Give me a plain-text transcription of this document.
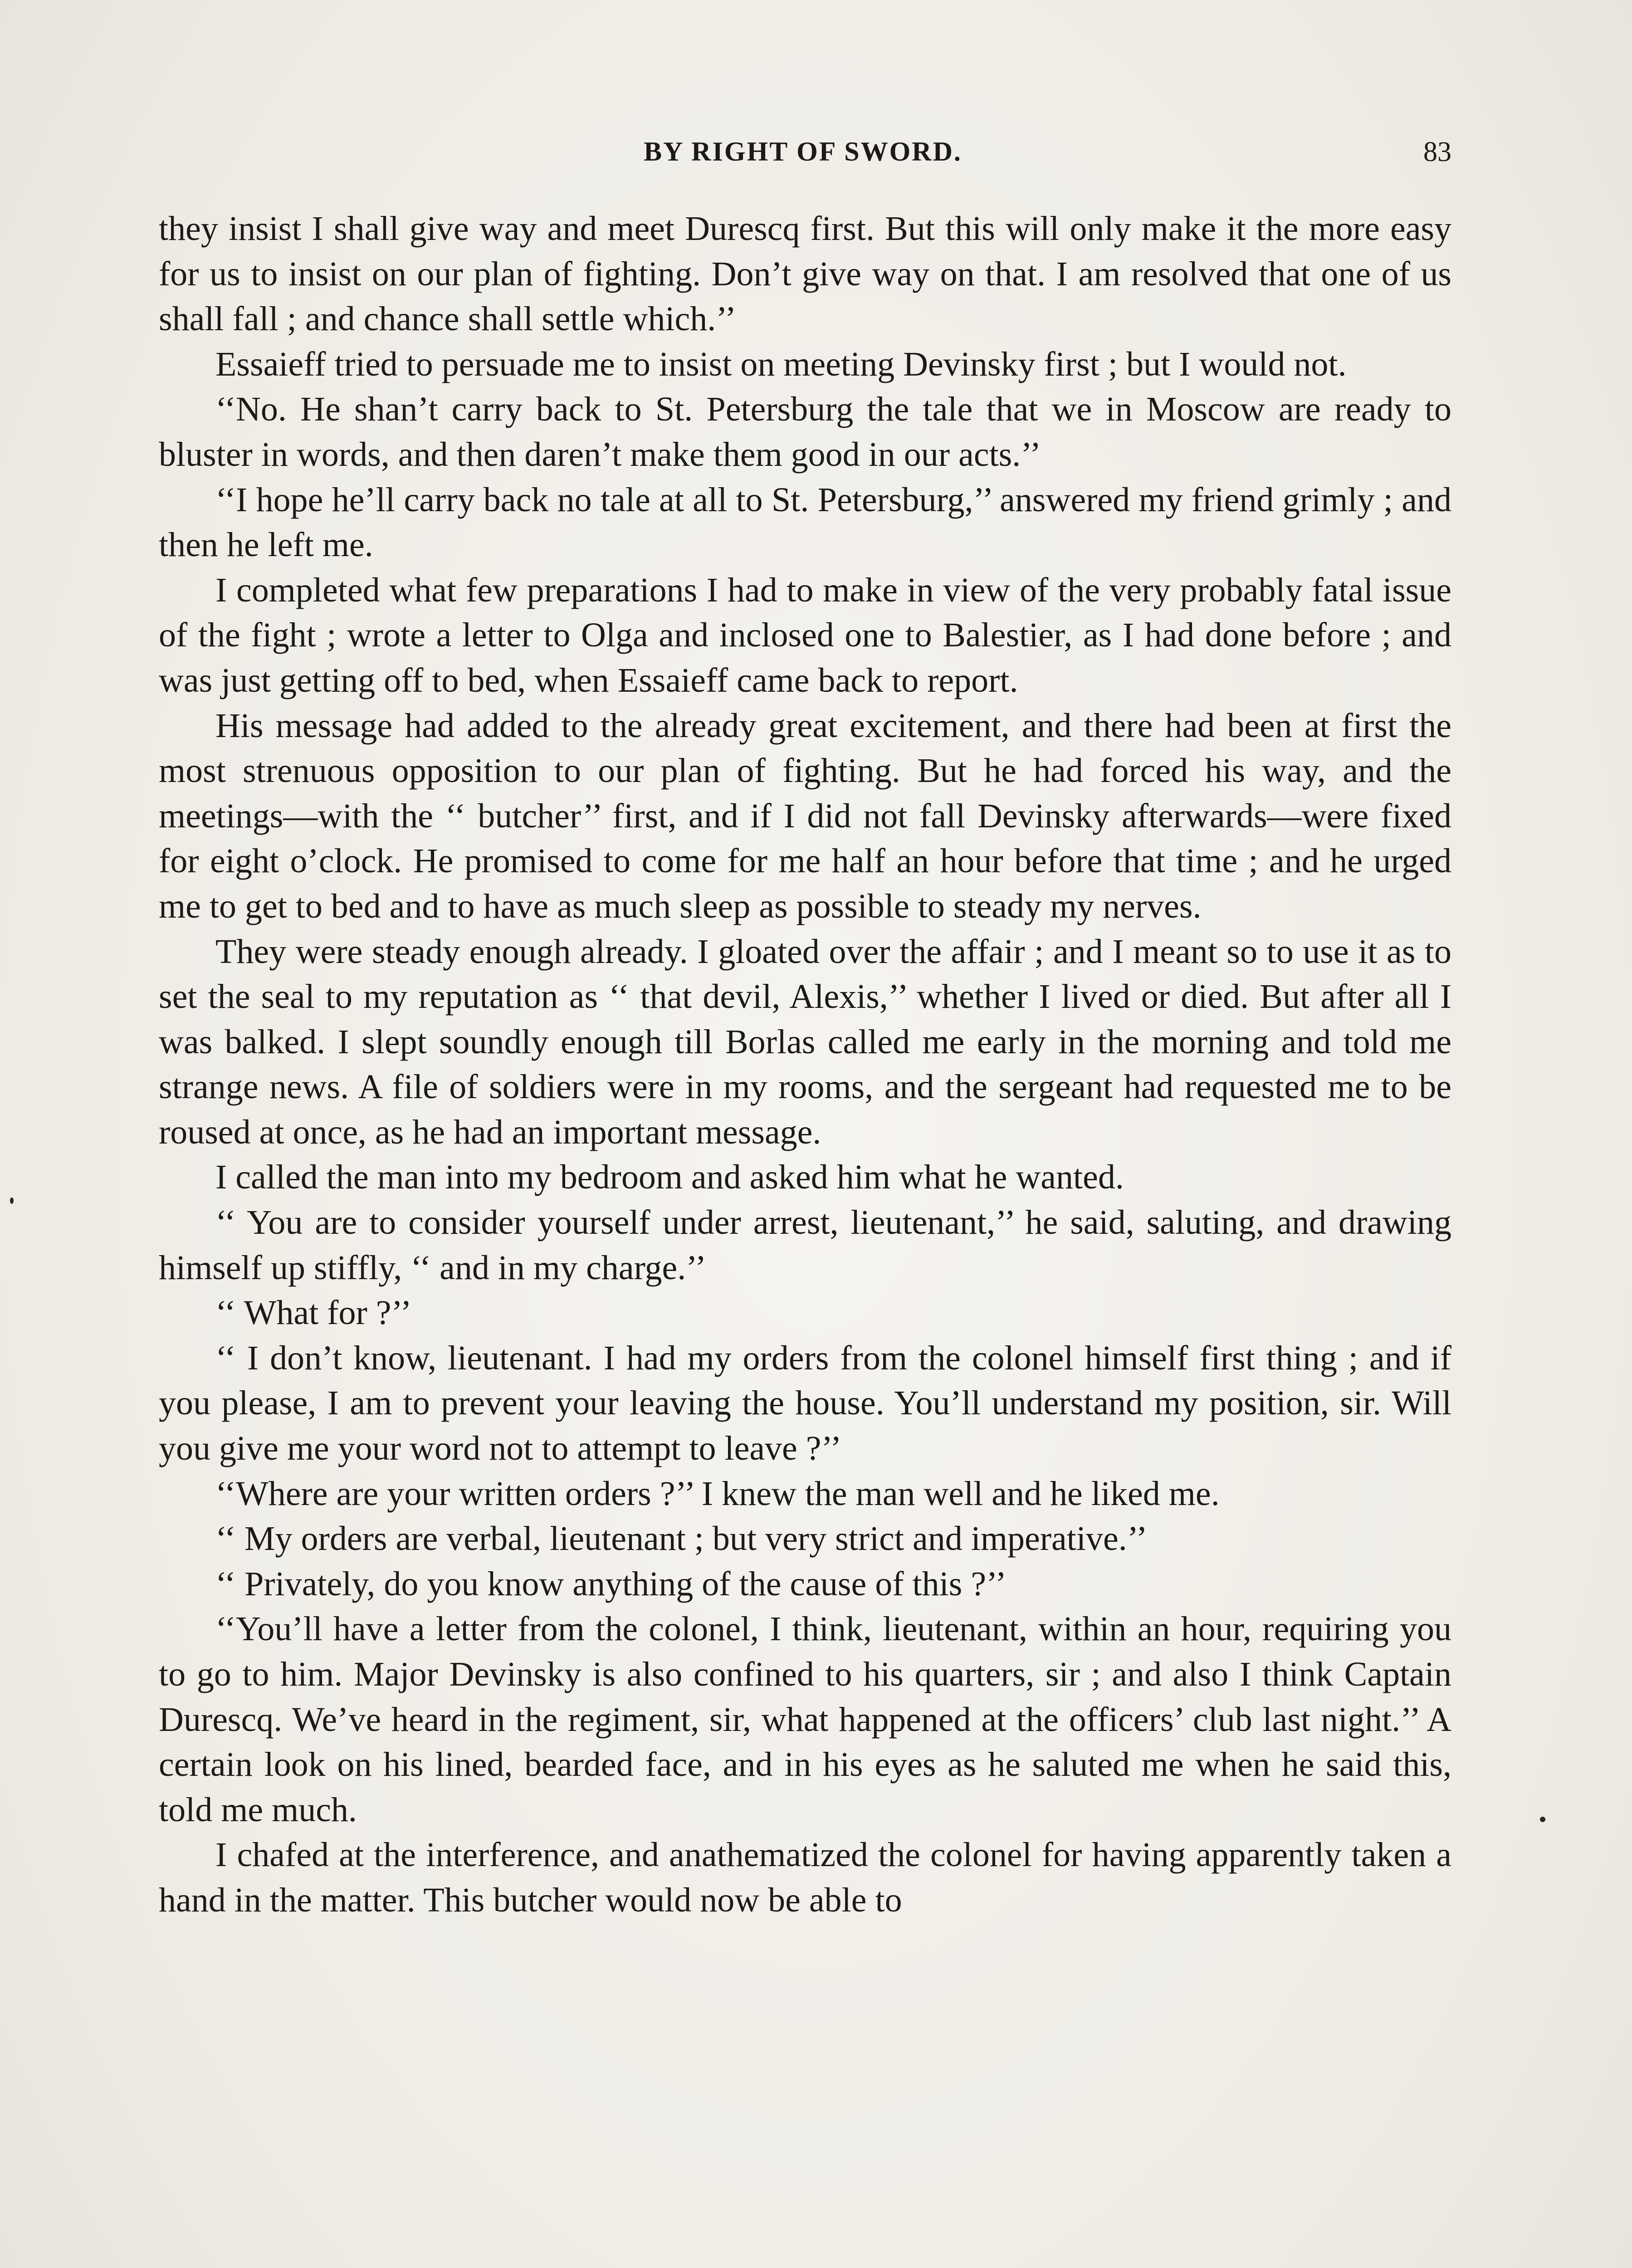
BY RIGHT OF SWORD.	83

they insist I shall give way and meet Durescq first. But this will only make it the more easy for us to insist on our plan of fighting. Don’t give way on that. I am resolved that one of us shall fall ; and chance shall settle which.’’

Essaieff tried to persuade me to insist on meeting Devinsky first ; but I would not.

‘‘No. He shan’t carry back to St. Petersburg the tale that we in Moscow are ready to bluster in words, and then daren’t make them good in our acts.’’

‘‘I hope he’ll carry back no tale at all to St. Petersburg,’’ answered my friend grimly ; and then he left me.

I completed what few preparations I had to make in view of the very probably fatal issue of the fight ; wrote a letter to Olga and inclosed one to Balestier, as I had done before ; and was just getting off to bed, when Essaieff came back to report.

His message had added to the already great excitement, and there had been at first the most strenuous opposition to our plan of fighting. But he had forced his way, and the meetings—with the ‘‘ butcher’’ first, and if I did not fall Devinsky afterwards—were fixed for eight o’clock. He promised to come for me half an hour before that time ; and he urged me to get to bed and to have as much sleep as possible to steady my nerves.

They were steady enough already. I gloated over the affair ; and I meant so to use it as to set the seal to my reputation as ‘‘ that devil, Alexis,’’ whether I lived or died. But after all I was balked. I slept soundly enough till Borlas called me early in the morning and told me strange news. A file of soldiers were in my rooms, and the sergeant had requested me to be roused at once, as he had an important message.

I called the man into my bedroom and asked him what he wanted.

‘‘ You are to consider yourself under arrest, lieutenant,’’ he said, saluting, and drawing himself up stiffly, ‘‘ and in my charge.’’

‘‘ What for ?’’

‘‘ I don’t know, lieutenant. I had my orders from the colonel himself first thing ; and if you please, I am to prevent your leaving the house. You’ll understand my position, sir. Will you give me your word not to attempt to leave ?’’

‘‘Where are your written orders ?’’ I knew the man well and he liked me.

‘‘ My orders are verbal, lieutenant ; but very strict and imperative.’’

‘‘ Privately, do you know anything of the cause of this ?’’

‘‘You’ll have a letter from the colonel, I think, lieutenant, within an hour, requiring you to go to him. Major Devinsky is also confined to his quarters, sir ; and also I think Captain Durescq. We’ve heard in the regiment, sir, what happened at the officers’ club last night.’’ A certain look on his lined, bearded face, and in his eyes as he saluted me when he said this, told me much.

I chafed at the interference, and anathematized the colonel for having apparently taken a hand in the matter. This butcher would now be able to
